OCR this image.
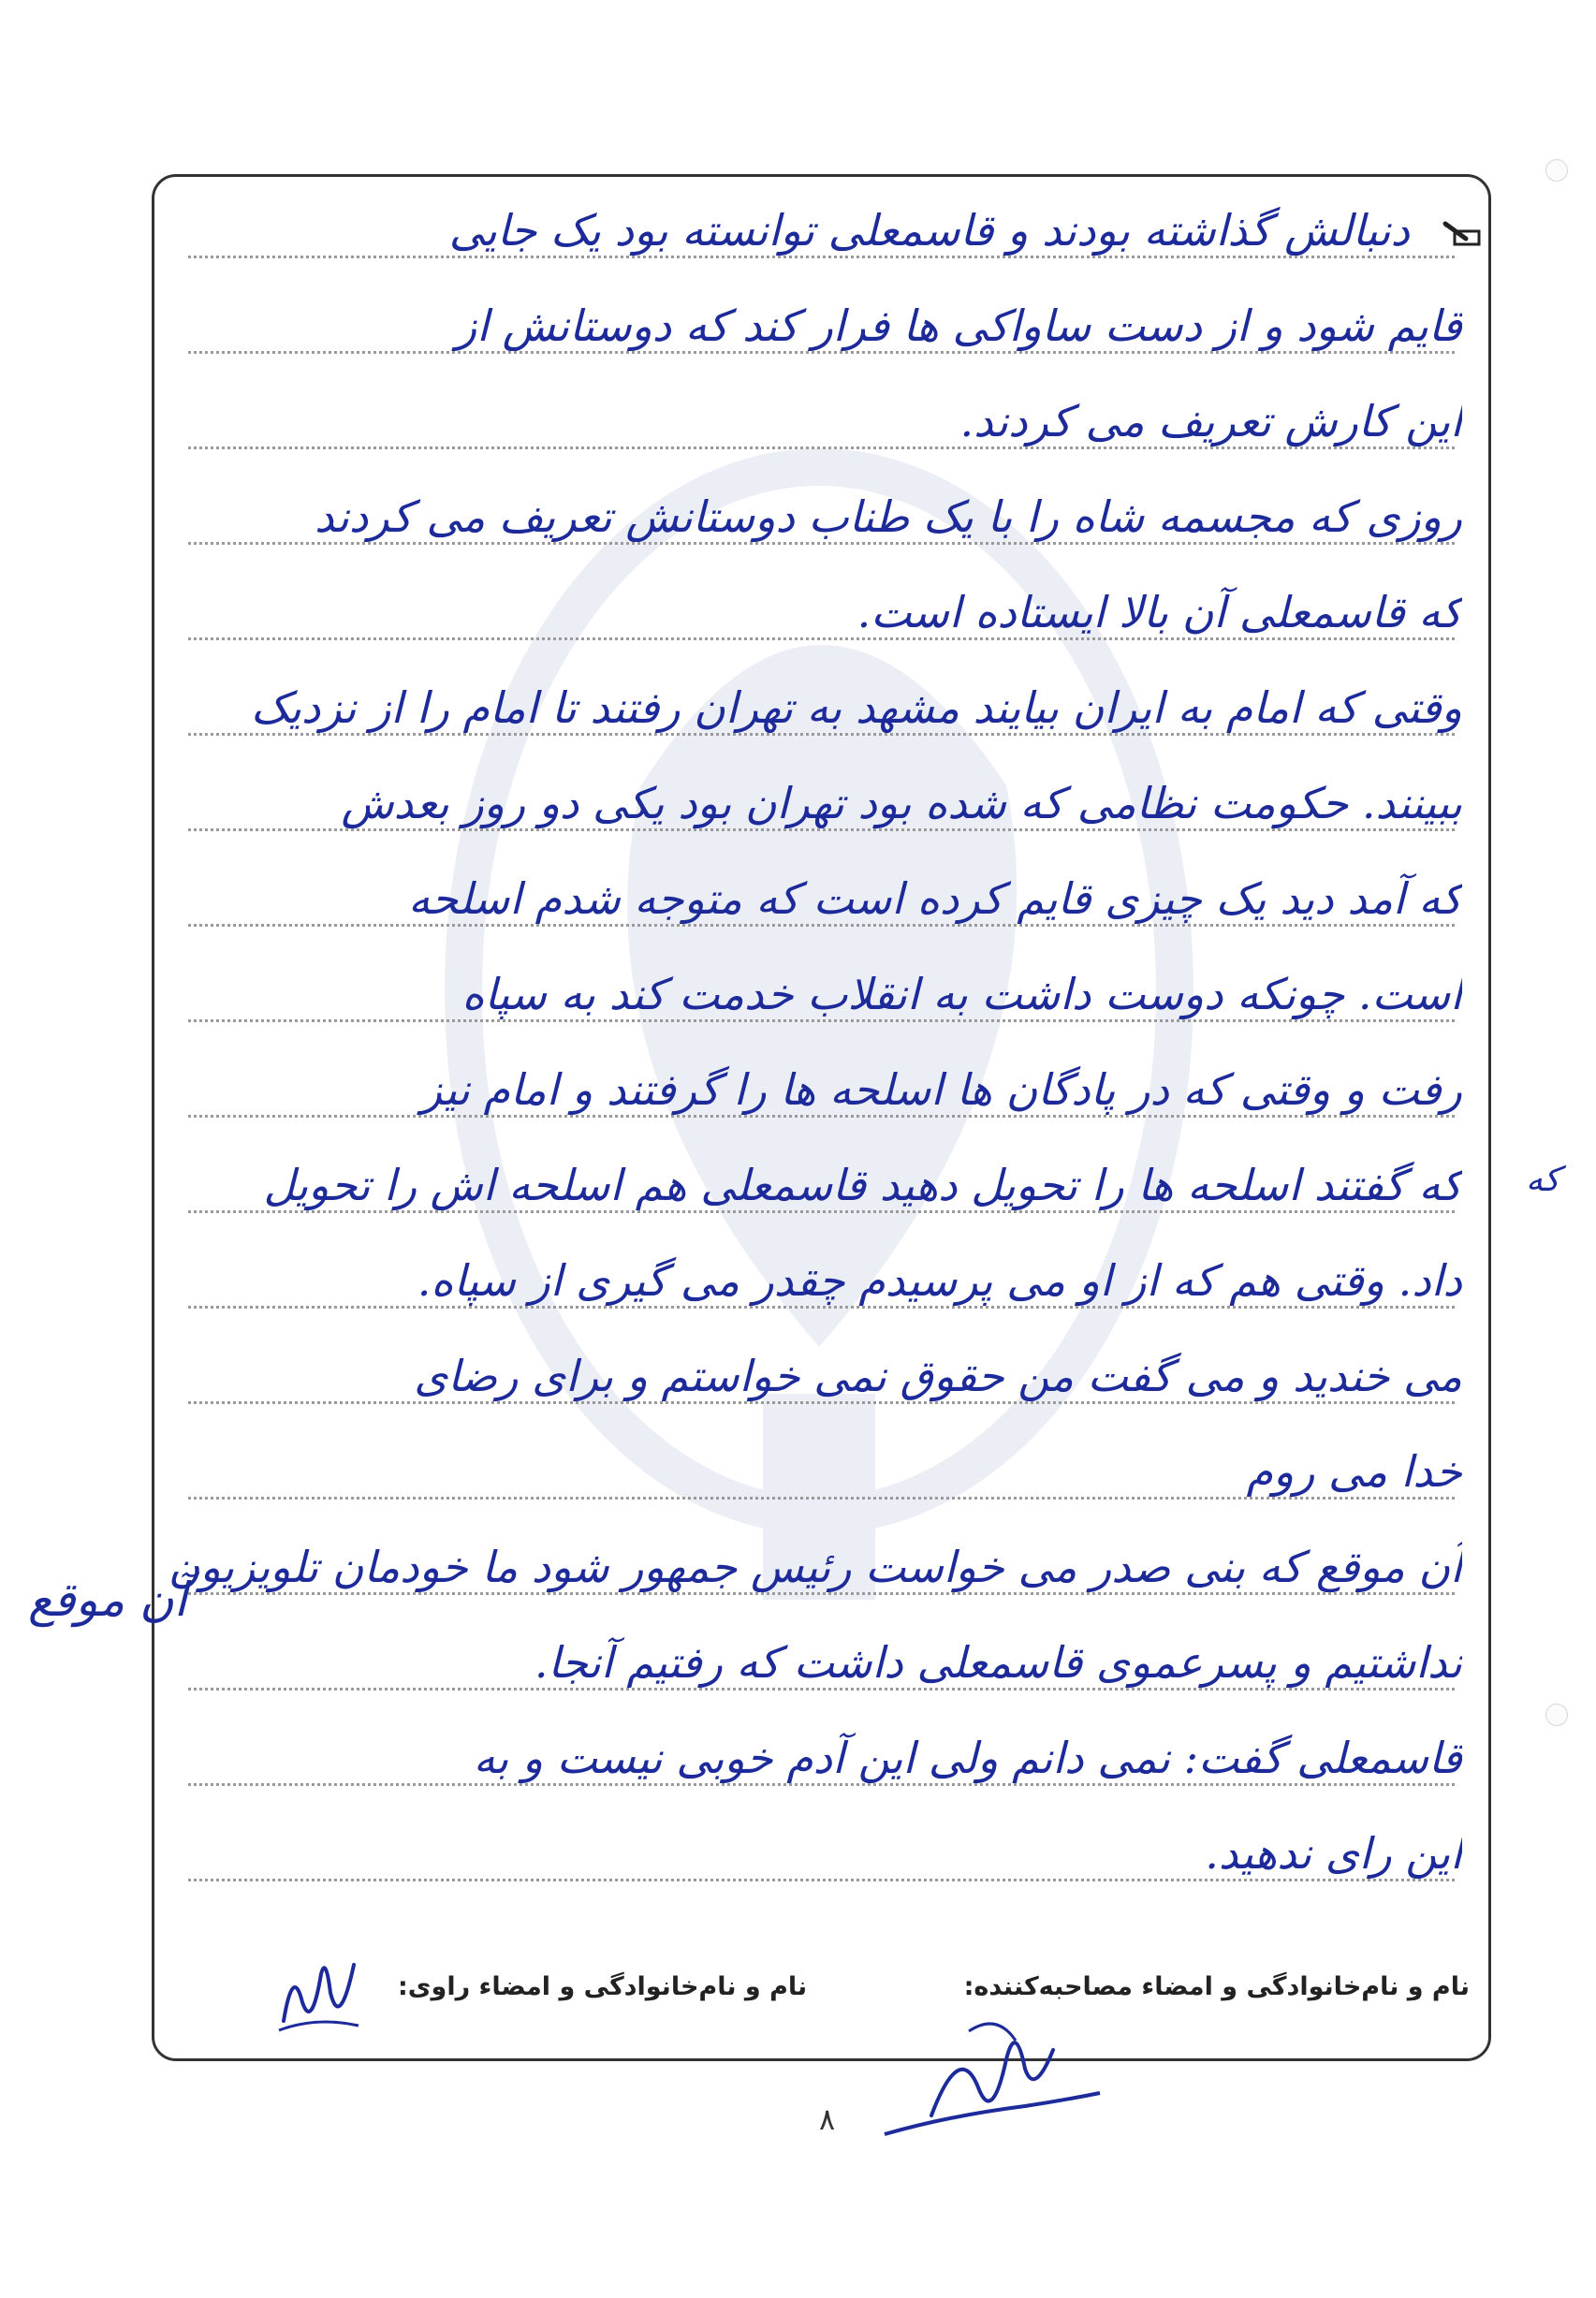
دنبالش گذاشته بودند و قاسمعلی توانسته بود یک جایی
قایم شود و از دست ساواکی ها فرار کند که دوستانش از
این کارش تعریف می کردند.
روزی که مجسمه شاه را با یک طناب دوستانش تعریف می کردند
که قاسمعلی آن بالا ایستاده است.
وقتی که امام به ایران بیایند مشهد به تهران رفتند تا امام را از نزدیک
ببینند. حکومت نظامی که شده بود تهران بود یکی دو روز بعدش
که آمد دید یک چیزی قایم کرده است که متوجه شدم اسلحه
است. چونکه دوست داشت به انقلاب خدمت کند به سپاه
رفت و وقتی که در پادگان ها اسلحه ها را گرفتند و امام نیز
که گفتند اسلحه ها را تحویل دهید قاسمعلی هم اسلحه اش را تحویل
داد. وقتی هم که از او می پرسیدم چقدر می گیری از سپاه.
می خندید و می گفت من حقوق نمی خواستم و برای رضای
خدا می روم
آن موقع که بنی صدر می خواست رئیس جمهور شود ما خودمان تلویزیون
نداشتیم و پسرعموی قاسمعلی داشت که رفتیم آنجا.
قاسمعلی گفت: نمی دانم ولی این آدم خوبی نیست و به
این رای ندهید.
نام و نام‌خانوادگی و امضاء مصاحبه‌کننده:
نام و نام‌خانوادگی و امضاء راوی:
آن موقع
که
۸
